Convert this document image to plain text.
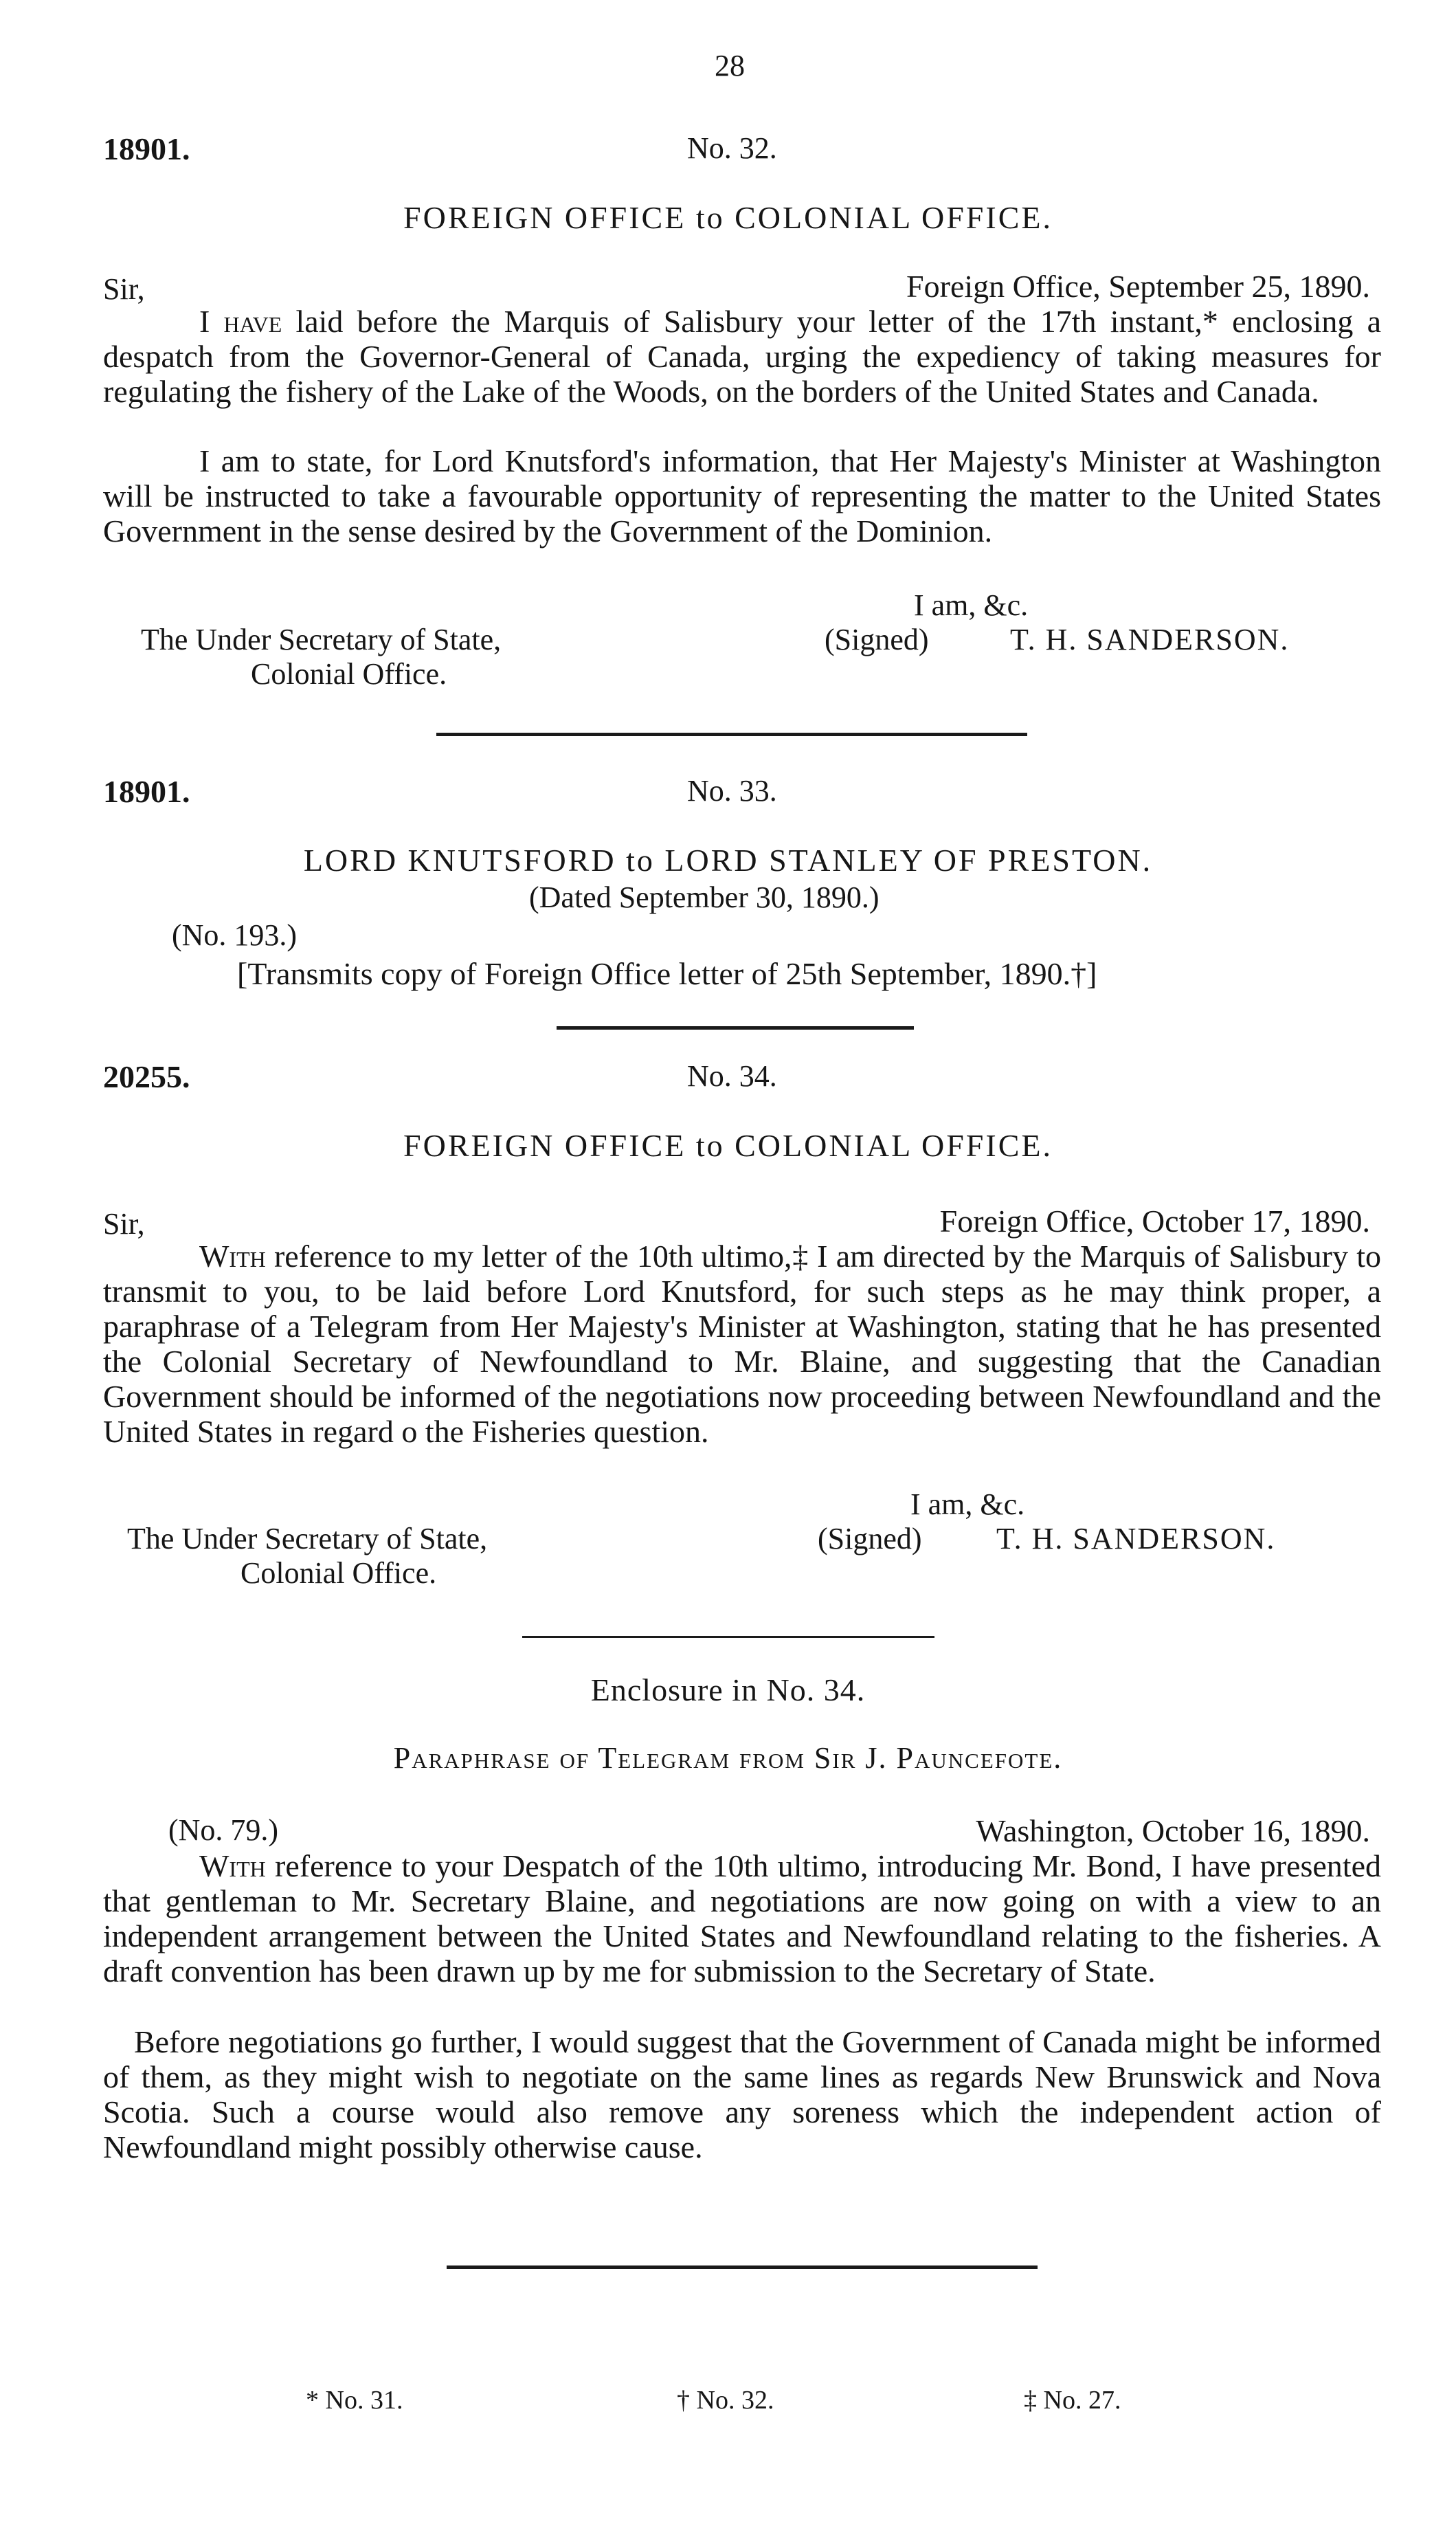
28
18901.	No. 32.
FOREIGN OFFICE to COLONIAL OFFICE.
Sir,	Foreign Office, September 25, 1890.
I have laid before the Marquis of Salisbury your letter of the 17th instant,* enclosing a despatch from the Governor-General of Canada, urging the expediency of taking measures for regulating the fishery of the Lake of the Woods, on the borders of the United States and Canada.
I am to state, for Lord Knutsford's information, that Her Majesty's Minister at Washington will be instructed to take a favourable opportunity of representing the matter to the United States Government in the sense desired by the Government of the Dominion.
I am, &c.
The Under Secretary of State,
Colonial Office.
(Signed)	T. H. SANDERSON.
18901.	No. 33.
LORD KNUTSFORD to LORD STANLEY OF PRESTON.
(Dated September 30, 1890.)
(No. 193.)
[Transmits copy of Foreign Office letter of 25th September, 1890.†]
20255.	No. 34.
FOREIGN OFFICE to COLONIAL OFFICE.
Sir,	Foreign Office, October 17, 1890.
With reference to my letter of the 10th ultimo,‡ I am directed by the Marquis of Salisbury to transmit to you, to be laid before Lord Knutsford, for such steps as he may think proper, a paraphrase of a Telegram from Her Majesty's Minister at Washington, stating that he has presented the Colonial Secretary of Newfoundland to Mr. Blaine, and suggesting that the Canadian Government should be informed of the negotiations now proceeding between Newfoundland and the United States in regard o the Fisheries question.
I am, &c.
The Under Secretary of State,
Colonial Office.
(Signed) T. H. SANDERSON.
Enclosure in No. 34.
Paraphrase of Telegram from Sir J. Pauncefote.
(No. 79.)	Washington, October 16, 1890.
With reference to your Despatch of the 10th ultimo, introducing Mr. Bond, I have presented that gentleman to Mr. Secretary Blaine, and negotiations are now going on with a view to an independent arrangement between the United States and Newfoundland relating to the fisheries. A draft convention has been drawn up by me for submission to the Secretary of State.
Before negotiations go further, I would suggest that the Government of Canada might be informed of them, as they might wish to negotiate on the same lines as regards New Brunswick and Nova Scotia. Such a course would also remove any soreness which the independent action of Newfoundland might possibly otherwise cause.
* No. 31.	† No. 32.	‡ No. 27.
